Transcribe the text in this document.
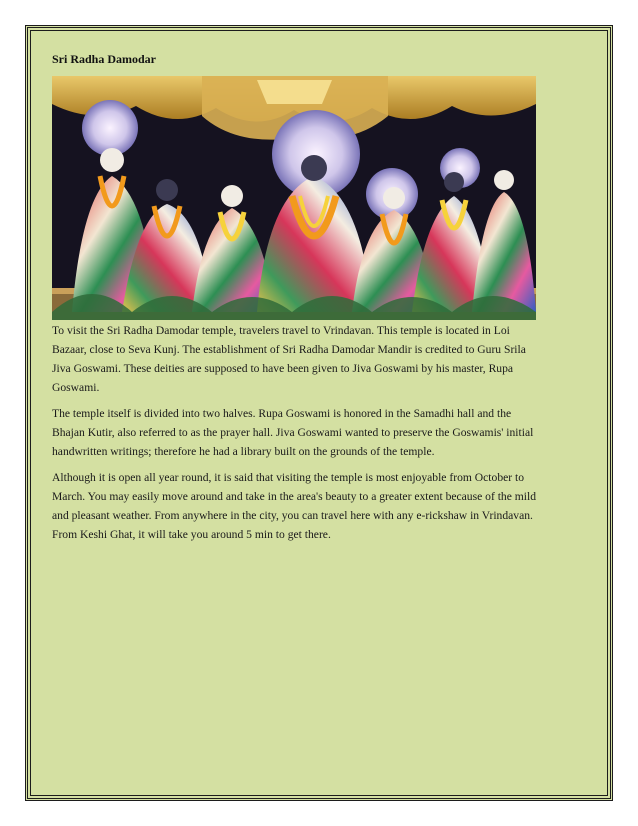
Sri Radha Damodar

To visit the Sri Radha Damodar temple, travelers travel to Vrindavan. This temple is located in Loi Bazaar, close to Seva Kunj. The establishment of Sri Radha Damodar Mandir is credited to Guru Srila Jiva Goswami. These deities are supposed to have been given to Jiva Goswami by his master, Rupa Goswami.

The temple itself is divided into two halves. Rupa Goswami is honored in the Samadhi hall and the Bhajan Kutir, also referred to as the prayer hall. Jiva Goswami wanted to preserve the Goswamis' initial handwritten writings; therefore he had a library built on the grounds of the temple.

Although it is open all year round, it is said that visiting the temple is most enjoyable from October to March. You may easily move around and take in the area's beauty to a greater extent because of the mild and pleasant weather. From anywhere in the city, you can travel here with any e-rickshaw in Vrindavan. From Keshi Ghat, it will take you around 5 min to get there.
